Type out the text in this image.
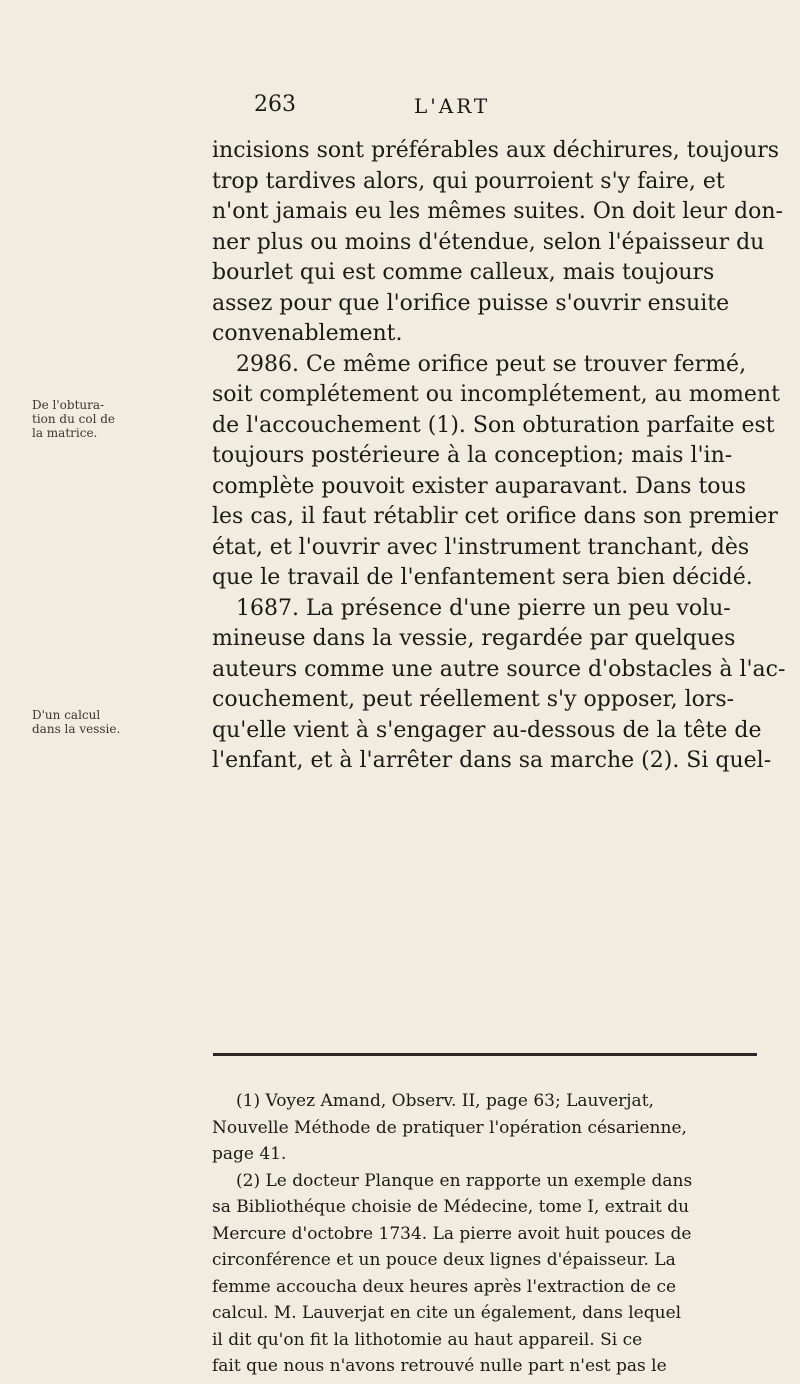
263	L'ART
De l'obtura-
tion du col de
la matrice.
D'un calcul
dans la vessie.
incisions sont préférables aux déchirures, toujours
trop tardives alors, qui pourroient s'y faire, et
n'ont jamais eu les mêmes suites. On doit leur don-
ner plus ou moins d'étendue, selon l'épaisseur du
bourlet qui est comme calleux, mais toujours
assez pour que l'orifice puisse s'ouvrir ensuite
convenablement.
2986. Ce même orifice peut se trouver fermé,
soit complétement ou incomplétement, au moment
de l'accouchement (1). Son obturation parfaite est
toujours postérieure à la conception; mais l'in-
complète pouvoit exister auparavant. Dans tous
les cas, il faut rétablir cet orifice dans son premier
état, et l'ouvrir avec l'instrument tranchant, dès
que le travail de l'enfantement sera bien décidé.
1687. La présence d'une pierre un peu volu-
mineuse dans la vessie, regardée par quelques
auteurs comme une autre source d'obstacles à l'ac-
couchement, peut réellement s'y opposer, lors-
qu'elle vient à s'engager au-dessous de la tête de
l'enfant, et à l'arrêter dans sa marche (2). Si quel-
(1) Voyez Amand, Observ. II, page 63; Lauverjat,
Nouvelle Méthode de pratiquer l'opération césarienne,
page 41.
(2) Le docteur Planque en rapporte un exemple dans
sa Bibliothéque choisie de Médecine, tome I, extrait du
Mercure d'octobre 1734. La pierre avoit huit pouces de
circonférence et un pouce deux lignes d'épaisseur. La
femme accoucha deux heures après l'extraction de ce
calcul. M. Lauverjat en cite un également, dans lequel
il dit qu'on fit la lithotomie au haut appareil. Si ce
fait que nous n'avons retrouvé nulle part n'est pas le
